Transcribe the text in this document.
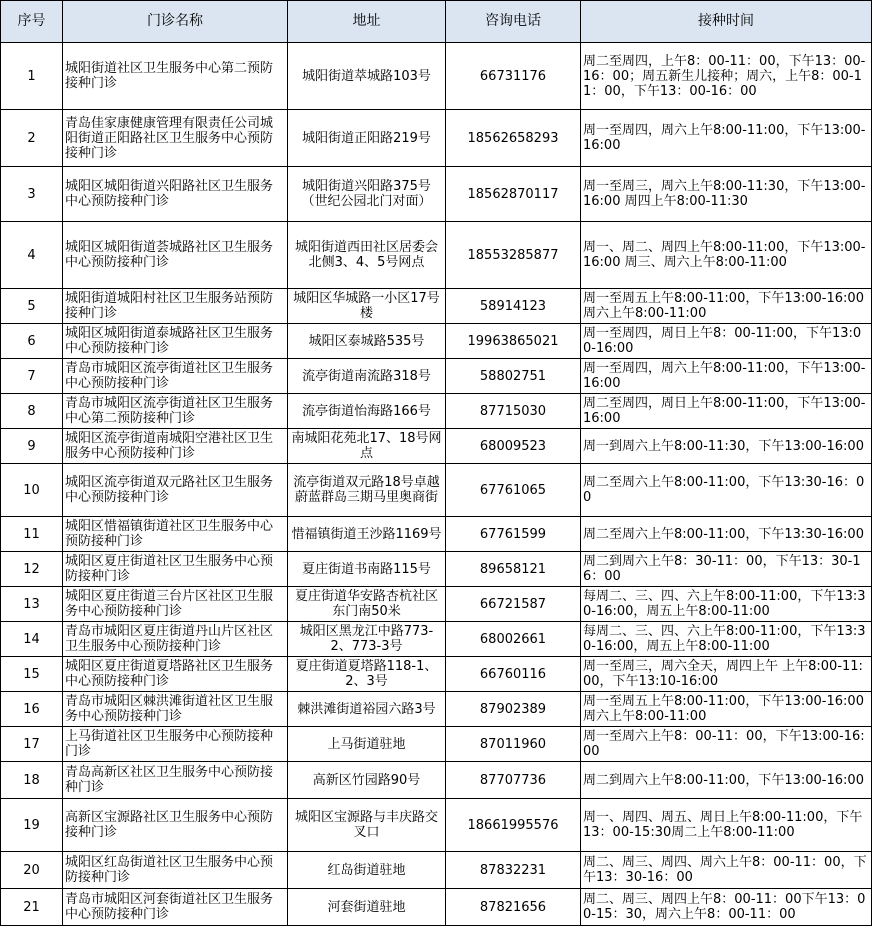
序号	门诊名称	地址	咨询电话	接种时间
1	城阳街道社区卫生服务中心第二预防接种门诊	城阳街道萃城路103号	66731176	周二至周四，上午8：00-11：00，下午13：00-16：00；周五新生儿接种；周六，上午8：00-11：00，下午13：00-16：00
2	青岛佳家康健康管理有限责任公司城阳街道正阳路社区卫生服务中心预防接种门诊	城阳街道正阳路219号	18562658293	周一至周四，周六上午8:00-11:00，下午13:00-16:00
3	城阳区城阳街道兴阳路社区卫生服务中心预防接种门诊	城阳街道兴阳路375号（世纪公园北门对面）	18562870117	周一至周三，周六上午8:00-11:30，下午13:00-16:00 周四上午8:00-11:30
4	城阳区城阳街道荟城路社区卫生服务中心预防接种门诊	城阳街道西田社区居委会北侧3、4、5号网点	18553285877	周一、周二、周四上午8:00-11:00，下午13:00-16:00 周三、周六上午8:00-11:00
5	城阳街道城阳村社区卫生服务站预防接种门诊	城阳区华城路一小区17号楼	58914123	周一至周五上午8:00-11:00，下午13:00-16:00 周六上午8:00-11:00
6	城阳区城阳街道泰城路社区卫生服务中心预防接种门诊	城阳区泰城路535号	19963865021	周一至周四，周日上午8：00-11:00，下午13:00-16:00
7	青岛市城阳区流亭街道社区卫生服务中心预防接种门诊	流亭街道南流路318号	58802751	周一至周四，周六上午8:00-11:00，下午13:00-16:00
8	青岛市城阳区流亭街道社区卫生服务中心第二预防接种门诊	流亭街道怡海路166号	87715030	周二至周四，周日上午8:00-11:00，下午13:00-16:00
9	城阳区流亭街道南城阳空港社区卫生服务中心预防接种门诊	南城阳花苑北17、18号网点	68009523	周一到周六上午8:00-11:30，下午13:00-16:00
10	城阳区流亭街道双元路社区卫生服务中心预防接种门诊	流亭街道双元路18号卓越蔚蓝群岛三期马里奥商街	67761065	周二至周六上午8:00-11:00，下午13:30-16：00
11	城阳区惜福镇街道社区卫生服务中心预防接种门诊	惜福镇街道王沙路1169号	67761599	周二至周六上午8:00-11:00，下午13:30-16:00
12	城阳区夏庄街道社区卫生服务中心预防接种门诊	夏庄街道书南路115号	89658121	周二到周六上午8：30-11：00，下午13：30-16：00
13	城阳区夏庄街道三台片区社区卫生服务中心预防接种门诊	夏庄街道华安路杏杭社区东门南50米	66721587	每周二、三、四、六上午8:00-11:00，下午13:30-16:00，周五上午8:00-11:00
14	青岛市城阳区夏庄街道丹山片区社区卫生服务中心预防接种门诊	城阳区黑龙江中路773-2、773-3号	68002661	每周二、三、四、六上午8:00-11:00，下午13:30-16:00，周五上午8:00-11:00
15	城阳区夏庄街道夏塔路社区卫生服务中心预防接种门诊	夏庄街道夏塔路118-1、2、3号	66760116	周一至周三，周六全天，周四上午 上午8:00-11:00，下午13:10-16:00
16	青岛市城阳区棘洪滩街道社区卫生服务中心预防接种门诊	棘洪滩街道裕园六路3号	87902389	周一至周五上午8:00-11:00，下午13:00-16:00 周六上午8:00-11:00
17	上马街道社区卫生服务中心预防接种门诊	上马街道驻地	87011960	周一至周六上午8：00-11：00，下午13:00-16:00
18	青岛高新区社区卫生服务中心预防接种门诊	高新区竹园路90号	87707736	周二到周六上午8:00-11:00，下午13:00-16:00
19	高新区宝源路社区卫生服务中心预防接种门诊	城阳区宝源路与丰庆路交叉口	18661995576	周一、周四、周五、周日上午8:00-11:00，下午13：00-15:30周二上午8:00-11:00
20	城阳区红岛街道社区卫生服务中心预防接种门诊	红岛街道驻地	87832231	周二、周三、周四、周六上午8：00-11：00，下午13：30-16：00
21	青岛市城阳区河套街道社区卫生服务中心预防接种门诊	河套街道驻地	87821656	周二、周三、周四上午8：00-11：00下午13：00-15：30，周六上午8：00-11：00
